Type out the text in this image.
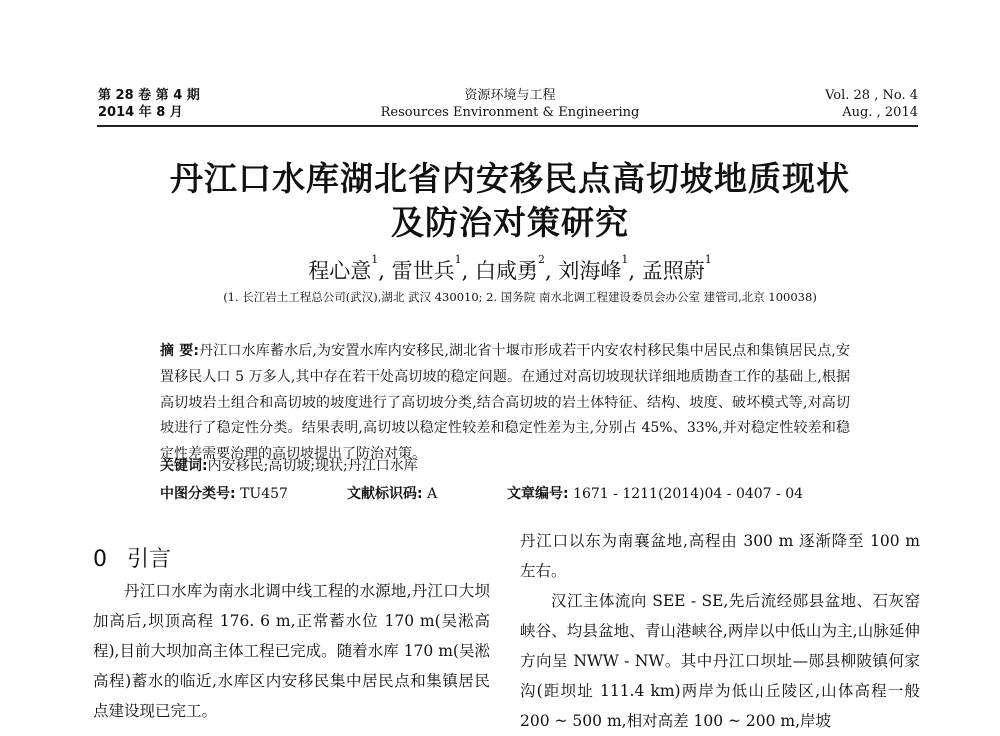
第 28 卷 第 4 期
2014 年 8 月
资源环境与工程
Resources Environment & Engineering
Vol. 28 , No. 4
Aug. , 2014
丹江口水库湖北省内安移民点高切坡地质现状
及防治对策研究
程心意$^1$, 雷世兵$^1$, 白咸勇$^2$, 刘海峰$^1$, 孟照蔚$^1$
(1. 长江岩土工程总公司(武汉),湖北 武汉 430010; 2. 国务院 南水北调工程建设委员会办公室 建管司,北京 100038)
摘 要:丹江口水库蓄水后,为安置水库内安移民,湖北省十堰市形成若干内安农村移民集中居民点和集镇居民点,安置移民人口 5 万多人,其中存在若干处高切坡的稳定问题。在通过对高切坡现状详细地质勘查工作的基础上,根据高切坡岩土组合和高切坡的坡度进行了高切坡分类,结合高切坡的岩土体特征、结构、坡度、破坏模式等,对高切坡进行了稳定性分类。结果表明,高切坡以稳定性较差和稳定性差为主,分别占 45%、33%,并对稳定性较差和稳定性差需要治理的高切坡提出了防治对策。
关键词:内安移民;高切坡;现状;丹江口水库
中图分类号: TU457	文献标识码: A	文章编号: 1671 - 1211(2014)04 - 0407 - 04
0 引言
丹江口水库为南水北调中线工程的水源地,丹江口大坝加高后,坝顶高程 176. 6 m,正常蓄水位 170 m(吴淞高程),目前大坝加高主体工程已完成。随着水库 170 m(吴淞高程)蓄水的临近,水库区内安移民集中居民点和集镇居民点建设现已完工。
丹江口以东为南襄盆地,高程由 300 m 逐渐降至 100 m 左右。
汉江主体流向 SEE - SE,先后流经郧县盆地、石灰窑峡谷、均县盆地、青山港峡谷,两岸以中低山为主,山脉延伸方向呈 NWW - NW。其中丹江口坝址—郧县柳陂镇何家沟(距坝址 111.4 km)两岸为低山丘陵区,山体高程一般 200 ~ 500 m,相对高差 100 ~ 200 m,岸坡
